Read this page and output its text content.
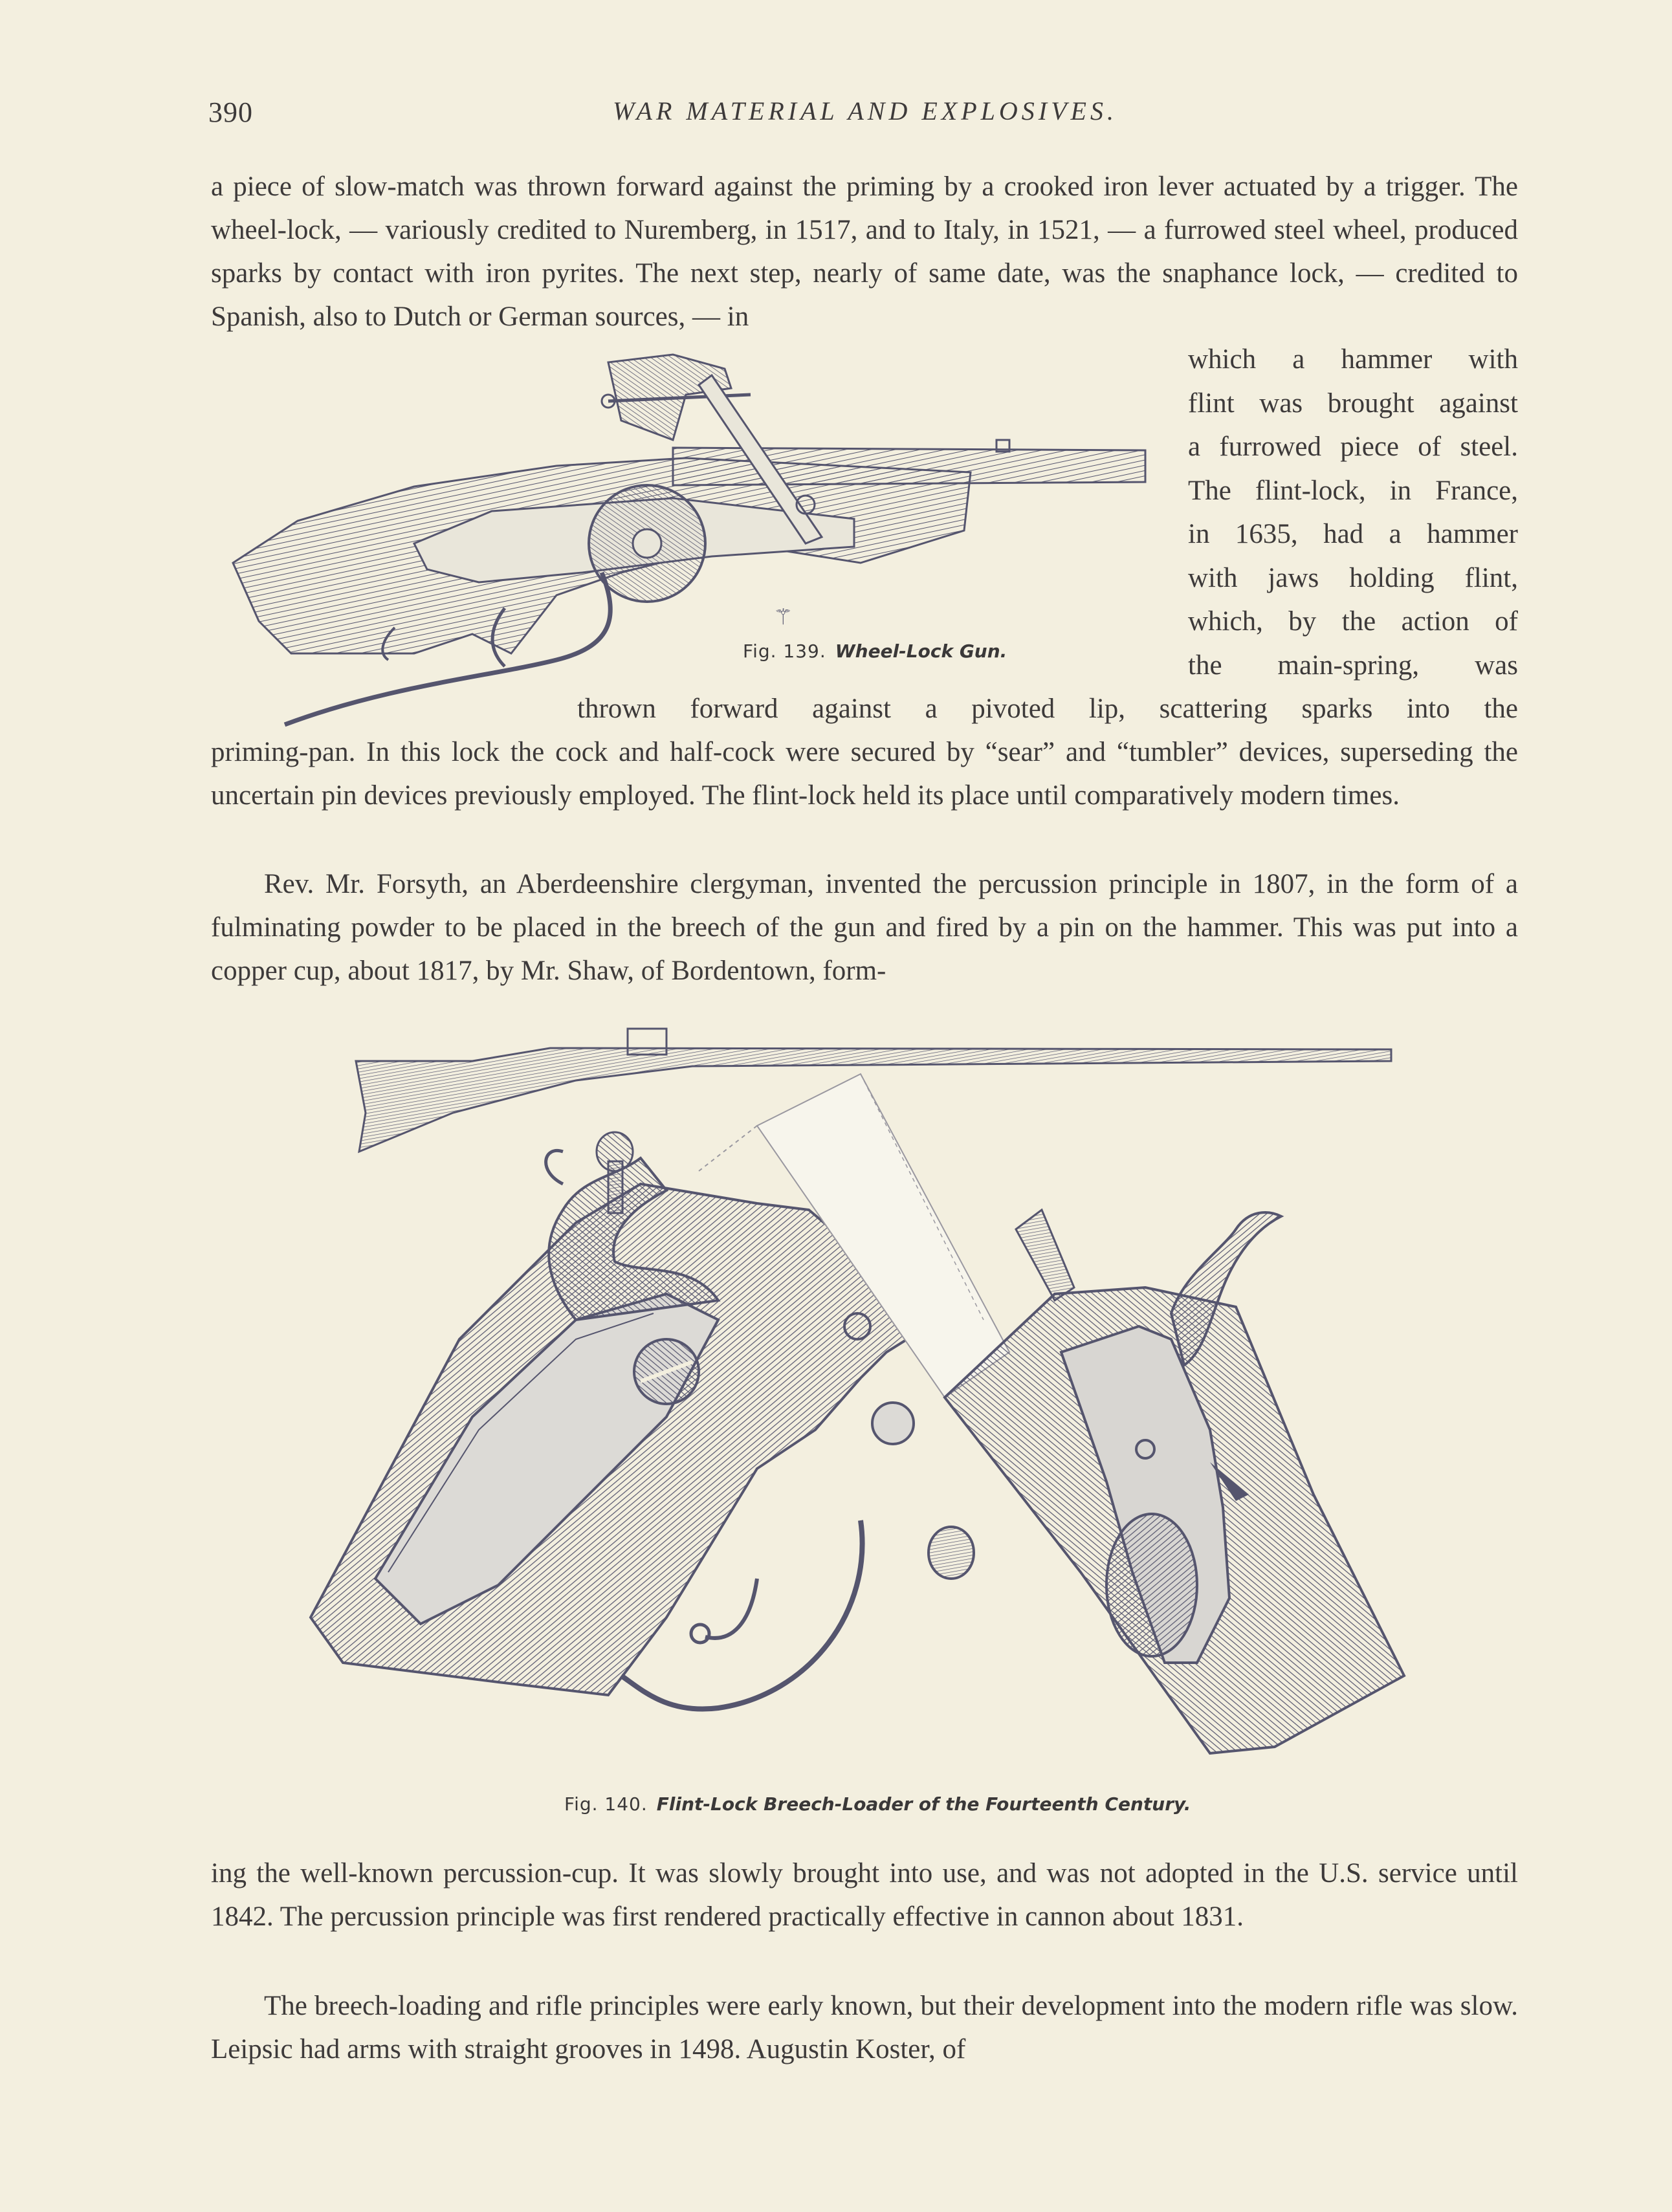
390	WAR MATERIAL AND EXPLOSIVES.
a piece of slow-match was thrown forward against the priming by a crooked iron lever actuated by a trigger. The wheel-lock, — variously credited to Nuremberg, in 1517, and to Italy, in 1521, — a furrowed steel wheel, produced sparks by contact with iron pyrites. The next step, nearly of same date, was the snaphance lock, — credited to Spanish, also to Dutch or German sources, — in
which a hammer with
flint was brought against
a furrowed piece of steel.
The flint-lock, in France,
in 1635, had a hammer
with jaws holding flint,
which, by the action of
the main-spring, was
⚚
Fig. 139. Wheel-Lock Gun.
thrown forward against a pivoted lip, scattering sparks into the
priming-pan. In this lock the cock and half-cock were secured by “sear” and “tumbler” devices, superseding the uncertain pin devices previously employed. The flint-lock held its place until comparatively modern times.
Rev. Mr. Forsyth, an Aberdeenshire clergyman, invented the percussion principle in 1807, in the form of a fulminating powder to be placed in the breech of the gun and fired by a pin on the hammer. This was put into a copper cup, about 1817, by Mr. Shaw, of Bordentown, form-
Fig. 140. Flint-Lock Breech-Loader of the Fourteenth Century.
ing the well-known percussion-cup. It was slowly brought into use, and was not adopted in the U.S. service until 1842. The percussion principle was first rendered practically effective in cannon about 1831.
The breech-loading and rifle principles were early known, but their development into the modern rifle was slow. Leipsic had arms with straight grooves in 1498. Augustin Koster, of
